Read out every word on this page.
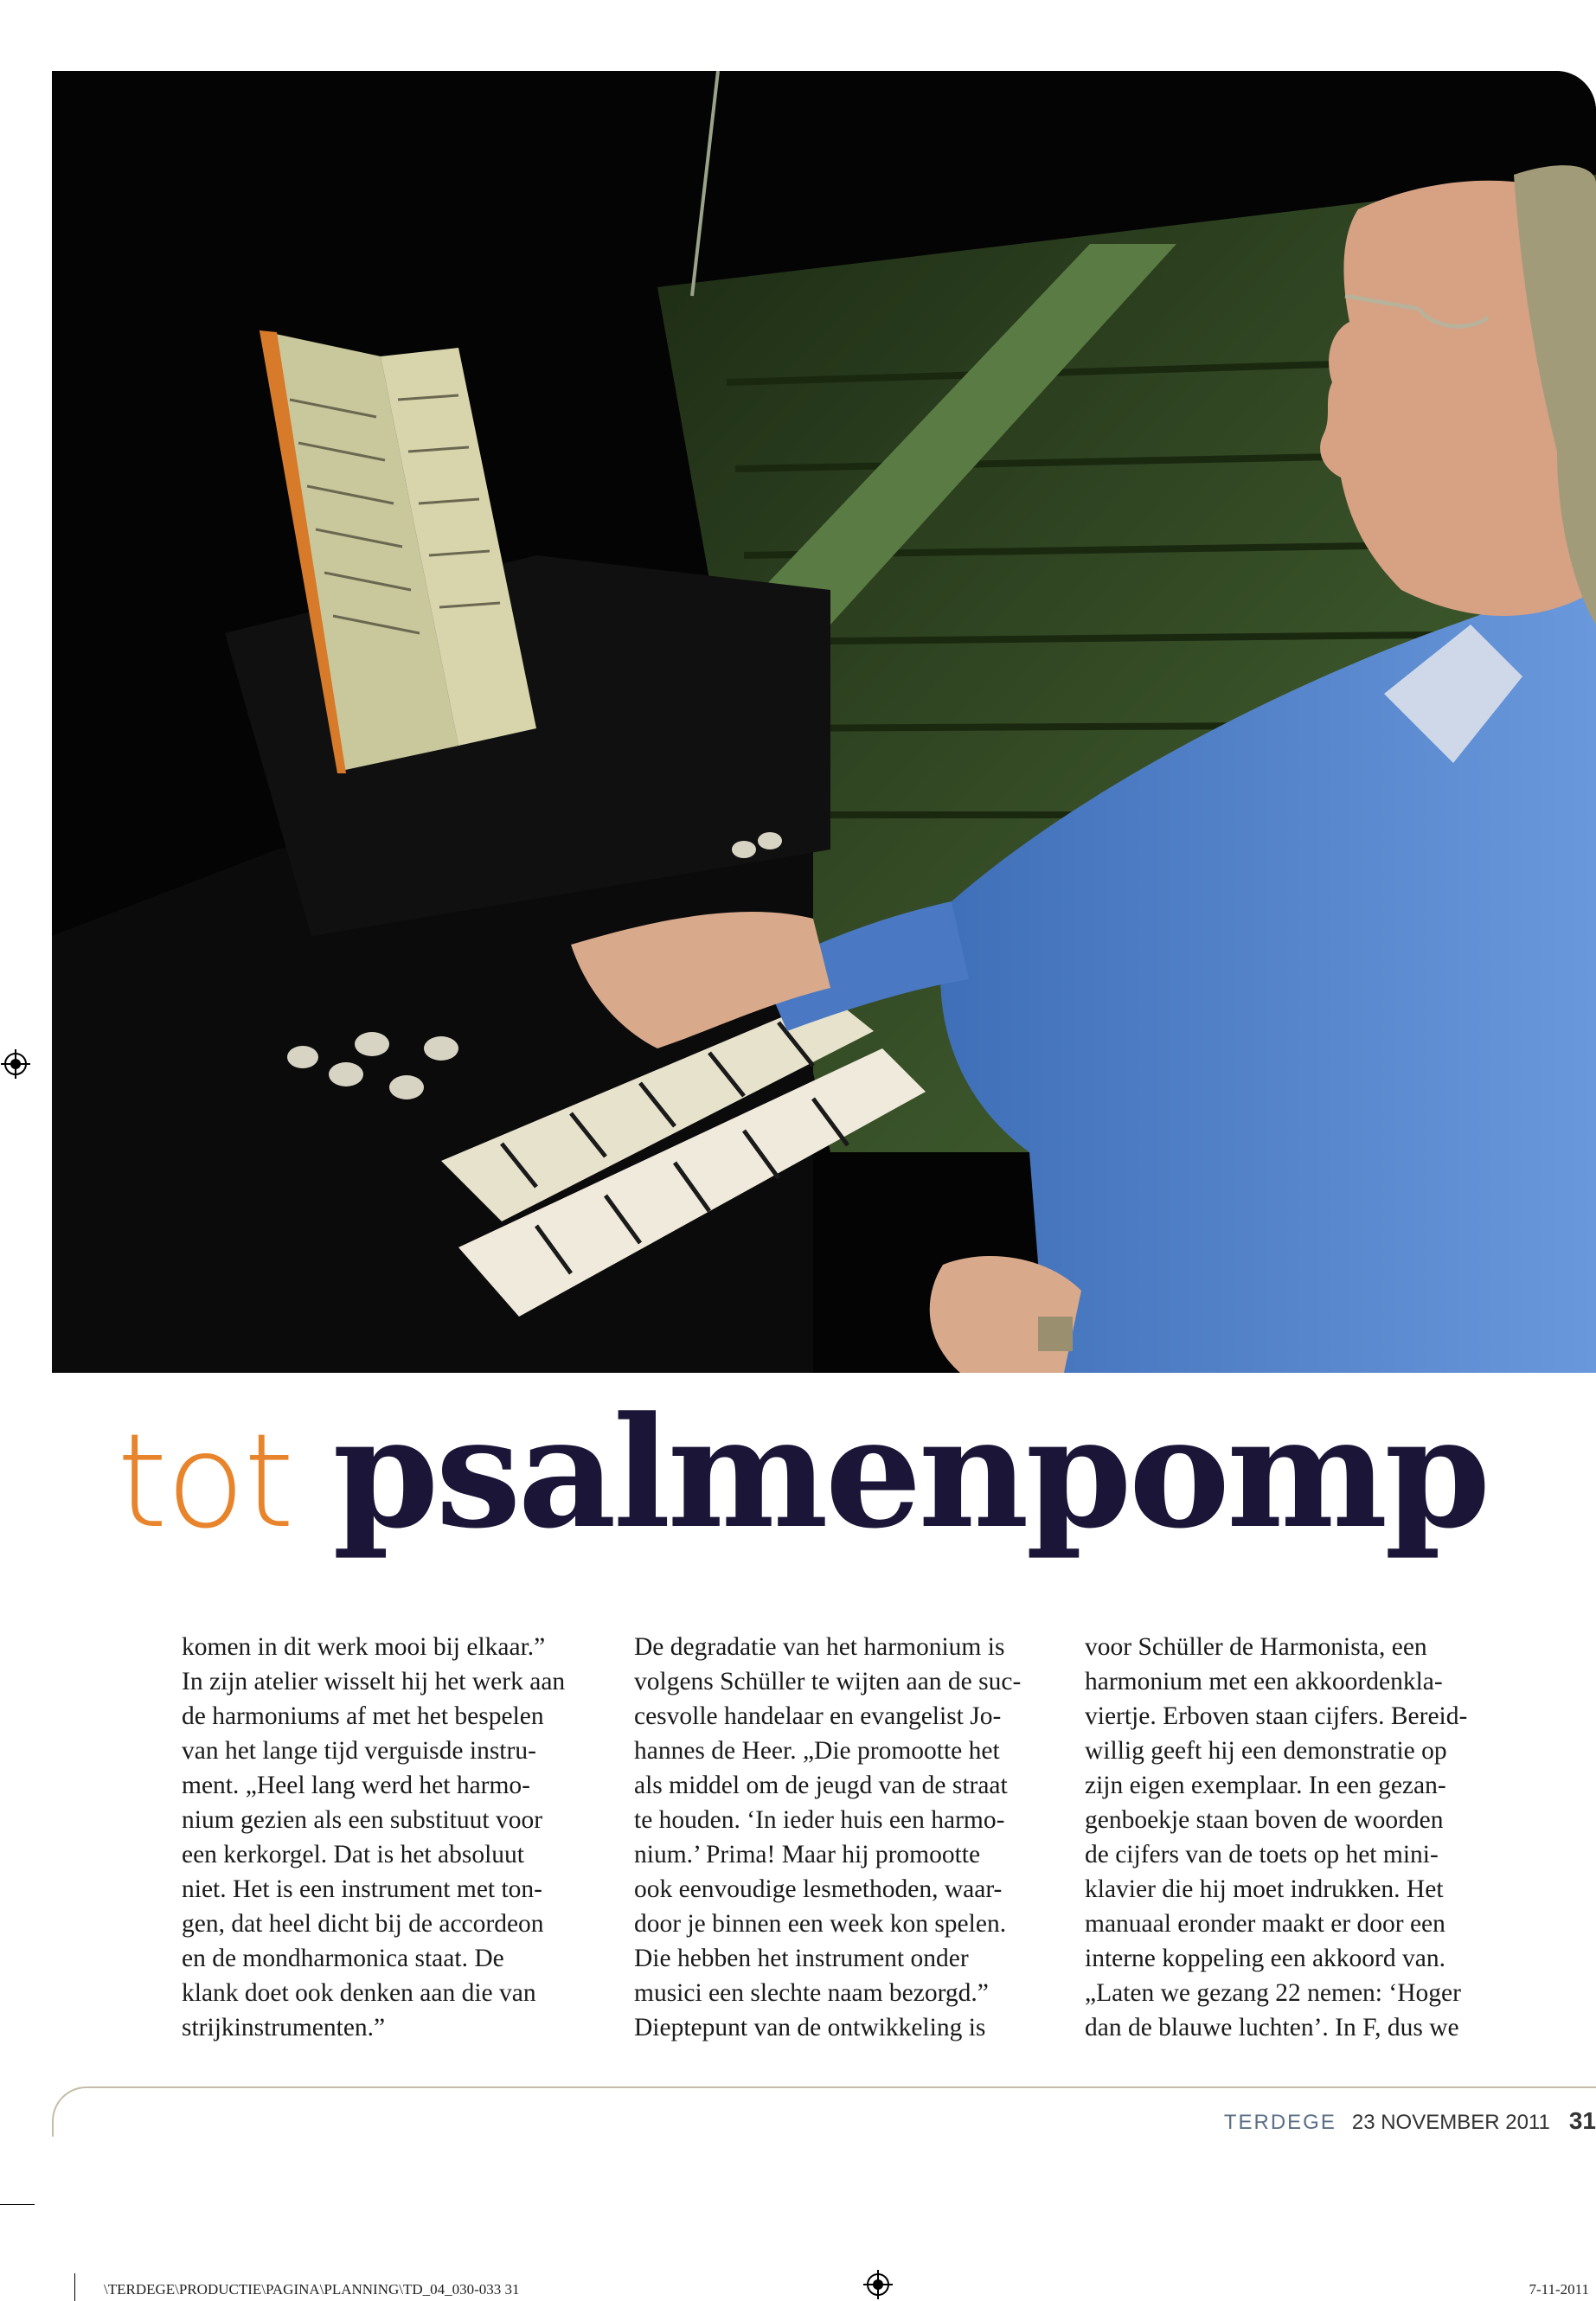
tot psalmenpomp
komen in dit werk mooi bij elkaar.”
In zijn atelier wisselt hij het werk aan
de harmoniums af met het bespelen
van het lange tijd verguisde instru-
ment. „Heel lang werd het harmo-
nium gezien als een substituut voor
een kerkorgel. Dat is het absoluut
niet. Het is een instrument met ton-
gen, dat heel dicht bij de accordeon
en de mondharmonica staat. De
klank doet ook denken aan die van
strijkinstrumenten.”
De degradatie van het harmonium is
volgens Schüller te wijten aan de suc-
cesvolle handelaar en evangelist Jo-
hannes de Heer. „Die promootte het
als middel om de jeugd van de straat
te houden. ‘In ieder huis een harmo-
nium.’ Prima! Maar hij promootte
ook eenvoudige lesmethoden, waar-
door je binnen een week kon spelen.
Die hebben het instrument onder
musici een slechte naam bezorgd.”
Dieptepunt van de ontwikkeling is
voor Schüller de Harmonista, een
harmonium met een akkoordenkla-
viertje. Erboven staan cijfers. Bereid-
willig geeft hij een demonstratie op
zijn eigen exemplaar. In een gezan-
genboekje staan boven de woorden
de cijfers van de toets op het mini-
klavier die hij moet indrukken. Het
manuaal eronder maakt er door een
interne koppeling een akkoord van.
„Laten we gezang 22 nemen: ‘Hoger
dan de blauwe luchten’. In F, dus we
TERDEGE 23 NOVEMBER 2011 31
\TERDEGE\PRODUCTIE\PAGINA\PLANNING\TD_04_030-033 31	7-11-2011
